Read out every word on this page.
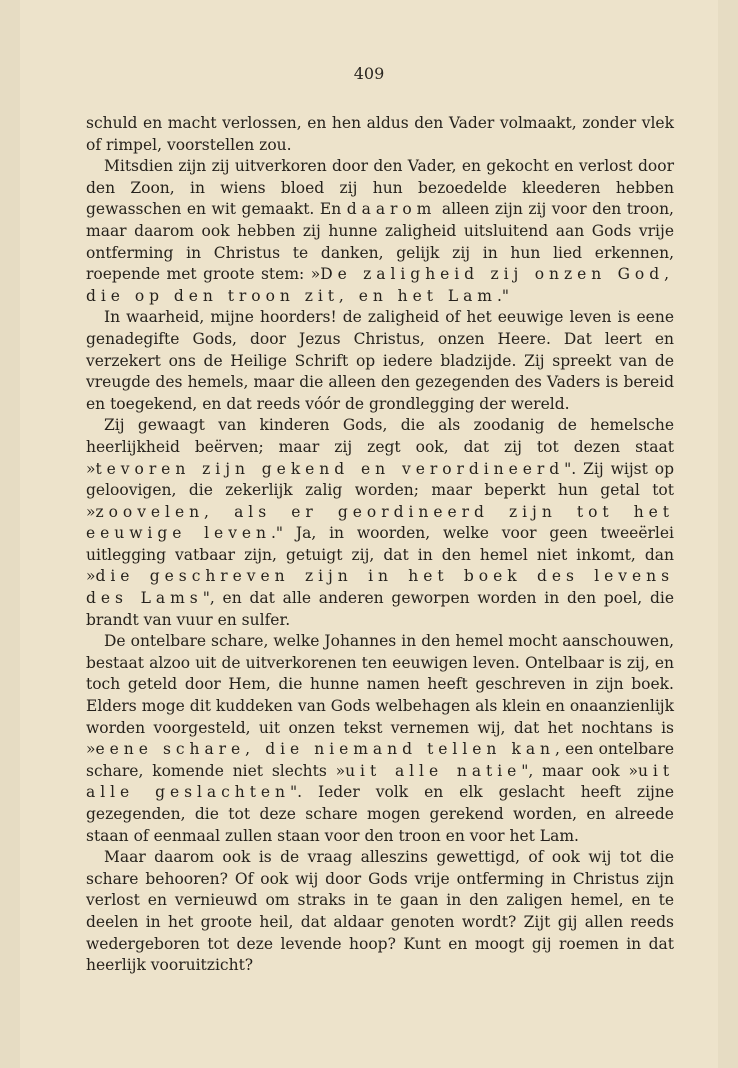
409

schuld en macht verlossen, en hen aldus den Vader volmaakt, zonder vlek of rimpel, voorstellen zou.

Mitsdien zijn zij uitverkoren door den Vader, en gekocht en verlost door den Zoon, in wiens bloed zij hun bezoedelde kleederen hebben gewasschen en wit gemaakt. En daarom alleen zijn zij voor den troon, maar daarom ook hebben zij hunne zaligheid uitsluitend aan Gods vrije ontferming in Christus te danken, gelijk zij in hun lied erkennen, roepende met groote stem: »De zaligheid zij onzen God, die op den troon zit, en het Lam."

In waarheid, mijne hoorders! de zaligheid of het eeuwige leven is eene genadegifte Gods, door Jezus Christus, onzen Heere. Dat leert en verzekert ons de Heilige Schrift op iedere bladzijde. Zij spreekt van de vreugde des hemels, maar die alleen den gezegenden des Vaders is bereid en toegekend, en dat reeds vóór de grondlegging der wereld.

Zij gewaagt van kinderen Gods, die als zoodanig de hemelsche heerlijkheid beërven; maar zij zegt ook, dat zij tot dezen staat »tevoren zijn gekend en verordineerd". Zij wijst op geloovigen, die zekerlijk zalig worden; maar beperkt hun getal tot »zoovelen, als er geordineerd zijn tot het eeuwige leven." Ja, in woorden, welke voor geen tweeërlei uitlegging vatbaar zijn, getuigt zij, dat in den hemel niet inkomt, dan »die geschreven zijn in het boek des levens des Lams", en dat alle anderen geworpen worden in den poel, die brandt van vuur en sulfer.

De ontelbare schare, welke Johannes in den hemel mocht aanschouwen, bestaat alzoo uit de uitverkorenen ten eeuwigen leven. Ontelbaar is zij, en toch geteld door Hem, die hunne namen heeft geschreven in zijn boek. Elders moge dit kuddeken van Gods welbehagen als klein en onaanzienlijk worden voorgesteld, uit onzen tekst vernemen wij, dat het nochtans is »eene schare, die niemand tellen kan, een ontelbare schare, komende niet slechts »uit alle natie", maar ook »uit alle geslachten". Ieder volk en elk geslacht heeft zijne gezegenden, die tot deze schare mogen gerekend worden, en alreede staan of eenmaal zullen staan voor den troon en voor het Lam.

Maar daarom ook is de vraag alleszins gewettigd, of ook wij tot die schare behooren? Of ook wij door Gods vrije ontferming in Christus zijn verlost en vernieuwd om straks in te gaan in den zaligen hemel, en te deelen in het groote heil, dat aldaar genoten wordt? Zijt gij allen reeds wedergeboren tot deze levende hoop? Kunt en moogt gij roemen in dat heerlijk vooruitzicht?
